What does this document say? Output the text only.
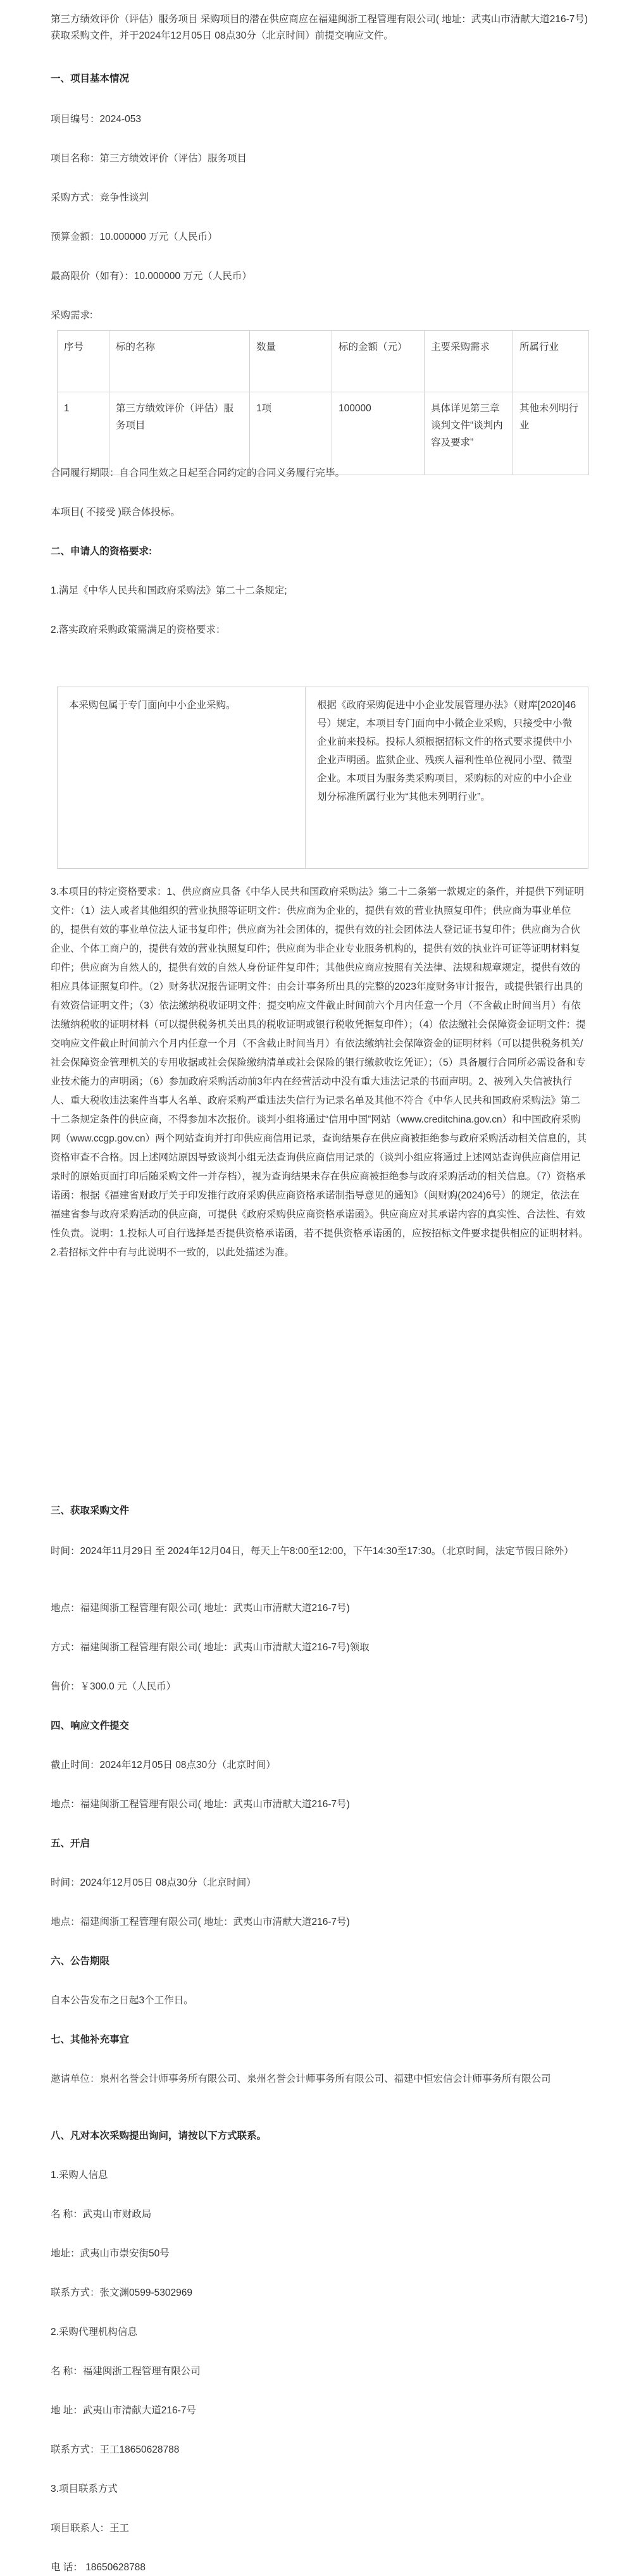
第三方绩效评价（评估）服务项目 采购项目的潜在供应商应在福建闽浙工程管理有限公司( 地址：武夷山市清献大道216-7号)获取采购文件，并于2024年12月05日 08点30分（北京时间）前提交响应文件。

一、项目基本情况

项目编号：2024-053

项目名称：第三方绩效评价（评估）服务项目

采购方式：竞争性谈判

预算金额：10.000000 万元（人民币）

最高限价（如有）：10.000000 万元（人民币）

采购需求:

序号	标的名称	数量	标的金额（元）	主要采购需求	所属行业
1	第三方绩效评价（评估）服务项目	1项	100000	具体详见第三章 谈判文件“谈判内容及要求”	其他未列明行业

合同履行期限：自合同生效之日起至合同约定的合同义务履行完毕。

本项目( 不接受 )联合体投标。

二、申请人的资格要求:

1.满足《中华人民共和国政府采购法》第二十二条规定;

2.落实政府采购政策需满足的资格要求：

本采购包属于专门面向中小企业采购。	根据《政府采购促进中小企业发展管理办法》（财库[2020]46号）规定，本项目专门面向中小微企业采购，只接受中小微企业前来投标。投标人须根据招标文件的格式要求提供中小企业声明函。监狱企业、残疾人福利性单位视同小型、微型企业。本项目为服务类采购项目，采购标的对应的中小企业划分标准所属行业为“其他未列明行业”。

3.本项目的特定资格要求：1、供应商应具备《中华人民共和国政府采购法》第二十二条第一款规定的条件，并提供下列证明文件：（1）法人或者其他组织的营业执照等证明文件：供应商为企业的，提供有效的营业执照复印件；供应商为事业单位的，提供有效的事业单位法人证书复印件；供应商为社会团体的，提供有效的社会团体法人登记证书复印件；供应商为合伙企业、个体工商户的，提供有效的营业执照复印件；供应商为非企业专业服务机构的，提供有效的执业许可证等证明材料复印件；供应商为自然人的，提供有效的自然人身份证件复印件；其他供应商应按照有关法律、法规和规章规定，提供有效的相应具体证照复印件。（2）财务状况报告证明文件：由会计事务所出具的完整的2023年度财务审计报告，或提供银行出具的有效资信证明文件；（3）依法缴纳税收证明文件：提交响应文件截止时间前六个月内任意一个月（不含截止时间当月）有依法缴纳税收的证明材料（可以提供税务机关出具的税收证明或银行税收凭据复印件）；（4）依法缴社会保障资金证明文件：提交响应文件截止时间前六个月内任意一个月（不含截止时间当月）有依法缴纳社会保障资金的证明材料（可以提供税务机关/社会保障资金管理机关的专用收据或社会保险缴纳清单或社会保险的银行缴款收讫凭证）；（5）具备履行合同所必需设备和专业技术能力的声明函；（6）参加政府采购活动前3年内在经营活动中没有重大违法记录的书面声明。2、被列入失信被执行人、重大税收违法案件当事人名单、政府采购严重违法失信行为记录名单及其他不符合《中华人民共和国政府采购法》第二十二条规定条件的供应商，不得参加本次报价。谈判小组将通过“信用中国”网站（www.creditchina.gov.cn）和中国政府采购网（www.ccgp.gov.cn）两个网站查询并打印供应商信用记录，查询结果存在供应商被拒绝参与政府采购活动相关信息的，其资格审查不合格。因上述网站原因导致谈判小组无法查询供应商信用记录的（谈判小组应将通过上述网站查询供应商信用记录时的原始页面打印后随采购文件一并存档），视为查询结果未存在供应商被拒绝参与政府采购活动的相关信息。（7）资格承诺函：根据《福建省财政厅关于印发推行政府采购供应商资格承诺制指导意见的通知》（闽财购(2024)6号）的规定，依法在福建省参与政府采购活动的供应商，可提供《政府采购供应商资格承诺函》。供应商应对其承诺内容的真实性、合法性、有效性负责。说明：1.投标人可自行选择是否提供资格承诺函，若不提供资格承诺函的，应按招标文件要求提供相应的证明材料。2.若招标文件中有与此说明不一致的，以此处描述为准。

三、获取采购文件

时间：2024年11月29日 至 2024年12月04日，每天上午8:00至12:00，下午14:30至17:30。（北京时间，法定节假日除外）

地点：福建闽浙工程管理有限公司( 地址：武夷山市清献大道216-7号)

方式：福建闽浙工程管理有限公司( 地址：武夷山市清献大道216-7号)领取

售价：￥300.0 元（人民币）

四、响应文件提交

截止时间：2024年12月05日 08点30分（北京时间）

地点：福建闽浙工程管理有限公司( 地址：武夷山市清献大道216-7号)

五、开启

时间：2024年12月05日 08点30分（北京时间）

地点：福建闽浙工程管理有限公司( 地址：武夷山市清献大道216-7号)

六、公告期限

自本公告发布之日起3个工作日。

七、其他补充事宜

邀请单位：泉州名誉会计师事务所有限公司、泉州名誉会计师事务所有限公司、福建中恒宏信会计师事务所有限公司

八、凡对本次采购提出询问，请按以下方式联系。

1.采购人信息

名 称：武夷山市财政局

地址：武夷山市崇安街50号

联系方式：张文渊0599-5302969

2.采购代理机构信息

名 称：福建闽浙工程管理有限公司

地 址：武夷山市清献大道216-7号

联系方式：王工18650628788

3.项目联系方式

项目联系人：王工

电 话： 18650628788
